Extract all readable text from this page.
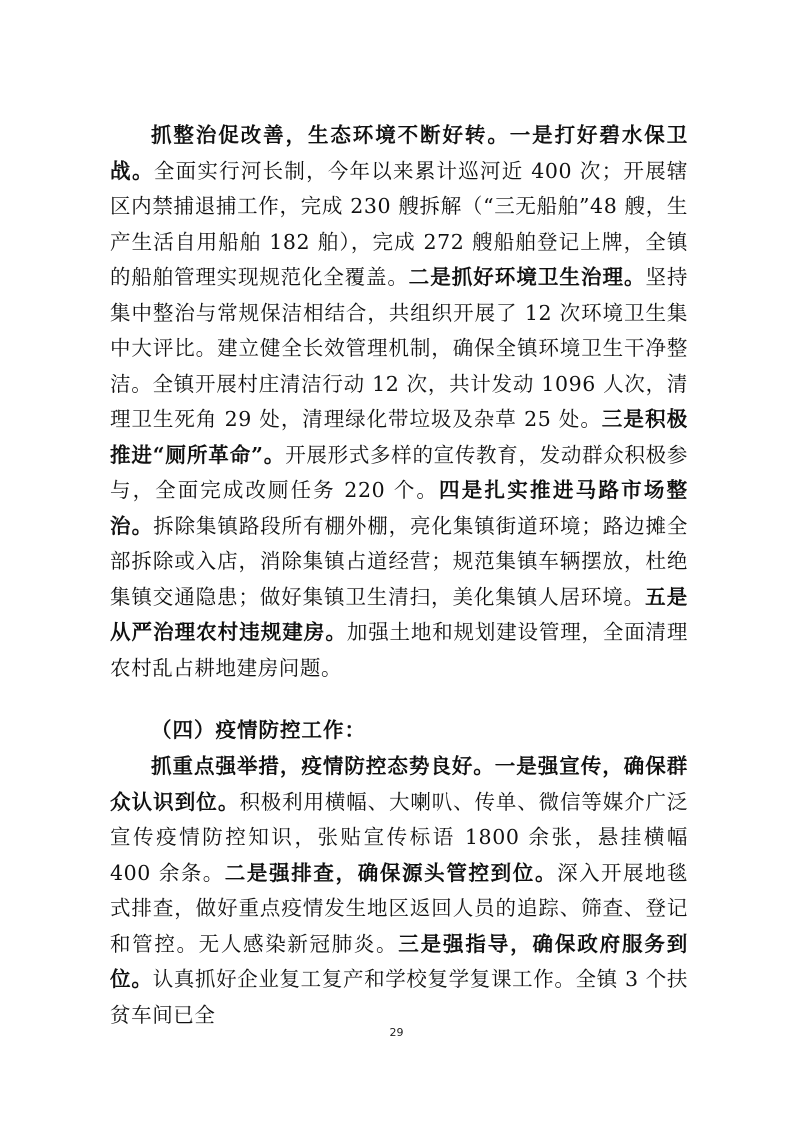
抓整治促改善，生态环境不断好转。一是打好碧水保卫战。全面实行河长制，今年以来累计巡河近 400 次；开展辖区内禁捕退捕工作，完成 230 艘拆解（“三无船舶”48 艘，生产生活自用船舶 182 舶），完成 272 艘船舶登记上牌，全镇的船舶管理实现规范化全覆盖。二是抓好环境卫生治理。坚持集中整治与常规保洁相结合，共组织开展了 12 次环境卫生集中大评比。建立健全长效管理机制，确保全镇环境卫生干净整洁。全镇开展村庄清洁行动 12 次，共计发动 1096 人次，清理卫生死角 29 处，清理绿化带垃圾及杂草 25 处。三是积极推进“厕所革命”。开展形式多样的宣传教育，发动群众积极参与，全面完成改厕任务 220 个。四是扎实推进马路市场整治。拆除集镇路段所有棚外棚，亮化集镇街道环境；路边摊全部拆除或入店，消除集镇占道经营；规范集镇车辆摆放，杜绝集镇交通隐患；做好集镇卫生清扫，美化集镇人居环境。五是从严治理农村违规建房。加强土地和规划建设管理，全面清理农村乱占耕地建房问题。

（四）疫情防控工作：

抓重点强举措，疫情防控态势良好。一是强宣传，确保群众认识到位。积极利用横幅、大喇叭、传单、微信等媒介广泛宣传疫情防控知识，张贴宣传标语 1800 余张，悬挂横幅 400 余条。二是强排查，确保源头管控到位。深入开展地毯式排查，做好重点疫情发生地区返回人员的追踪、筛查、登记和管控。无人感染新冠肺炎。三是强指导，确保政府服务到位。认真抓好企业复工复产和学校复学复课工作。全镇 3 个扶贫车间已全

29
